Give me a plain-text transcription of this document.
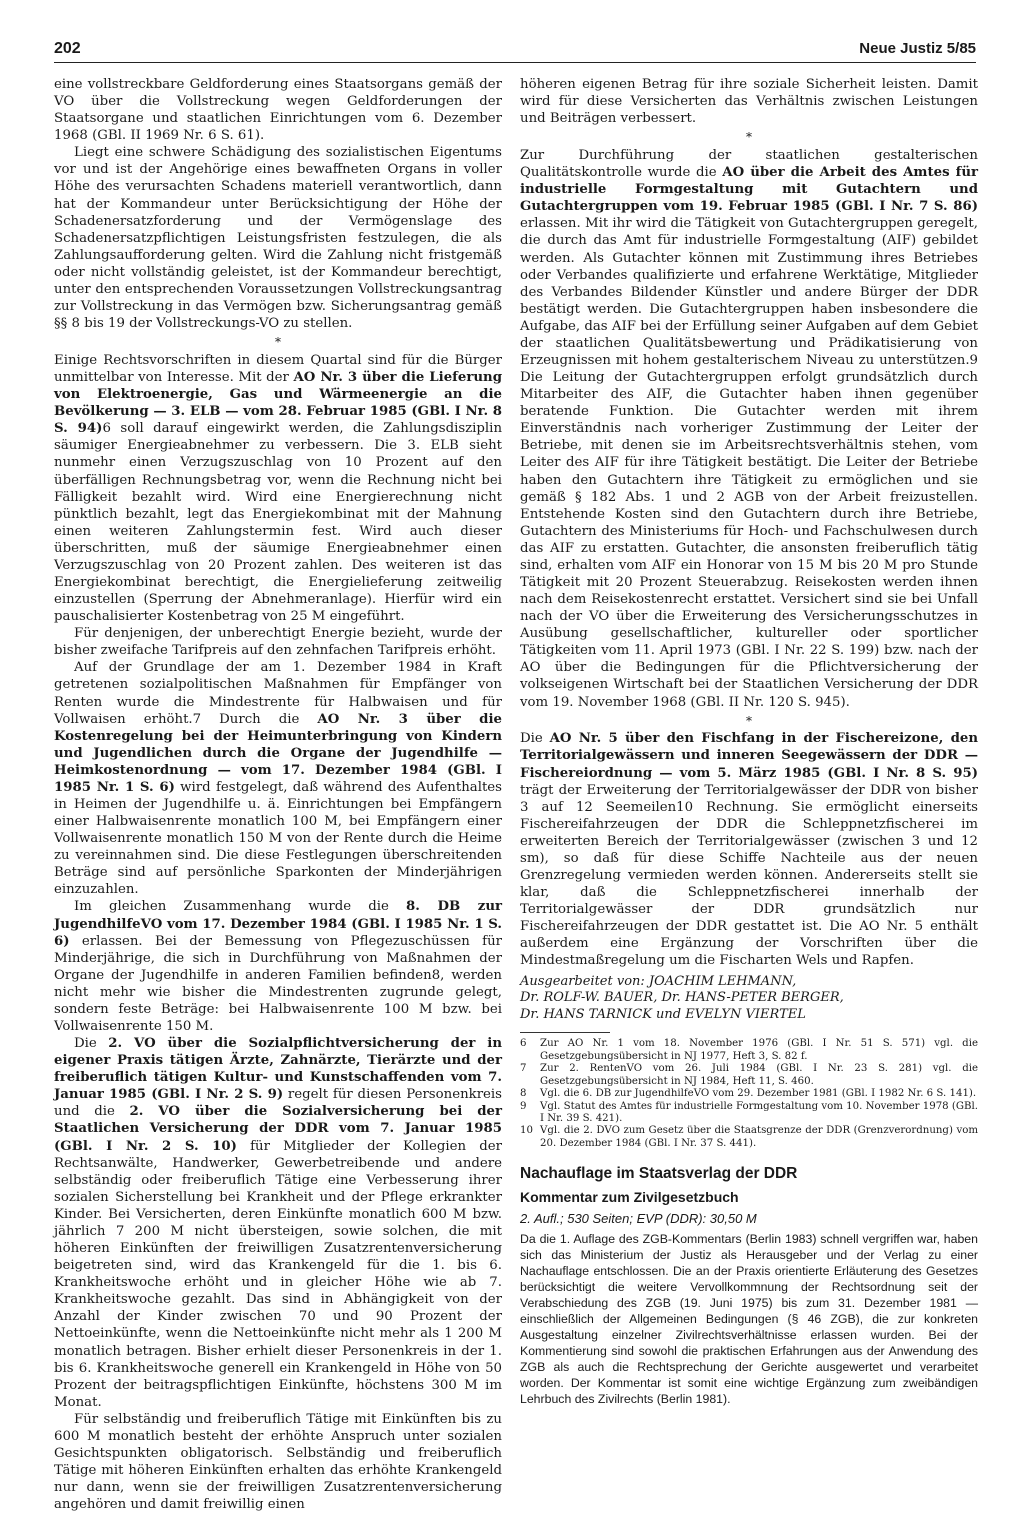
202	Neue Justiz 5/85

eine vollstreckbare Geldforderung eines Staatsorgans gemäß der VO über die Vollstreckung wegen Geldforderungen der Staatsorgane und staatlichen Einrichtungen vom 6. Dezember 1968 (GBl. II 1969 Nr. 6 S. 61).

Liegt eine schwere Schädigung des sozialistischen Eigentums vor und ist der Angehörige eines bewaffneten Organs in voller Höhe des verursachten Schadens materiell verantwortlich, dann hat der Kommandeur unter Berücksichtigung der Höhe der Schadenersatzforderung und der Vermögenslage des Schadenersatzpflichtigen Leistungsfristen festzulegen, die als Zahlungsaufforderung gelten. Wird die Zahlung nicht fristgemäß oder nicht vollständig geleistet, ist der Kommandeur berechtigt, unter den entsprechenden Voraussetzungen Vollstreckungsantrag zur Vollstreckung in das Vermögen bzw. Sicherungsantrag gemäß §§ 8 bis 19 der Vollstreckungs-VO zu stellen.

*

Einige Rechtsvorschriften in diesem Quartal sind für die Bürger unmittelbar von Interesse. Mit der AO Nr. 3 über die Lieferung von Elektroenergie, Gas und Wärmeenergie an die Bevölkerung — 3. ELB — vom 28. Februar 1985 (GBl. I Nr. 8 S. 94)6 soll darauf eingewirkt werden, die Zahlungsdisziplin säumiger Energieabnehmer zu verbessern. Die 3. ELB sieht nunmehr einen Verzugszuschlag von 10 Prozent auf den überfälligen Rechnungsbetrag vor, wenn die Rechnung nicht bei Fälligkeit bezahlt wird. Wird eine Energierechnung nicht pünktlich bezahlt, legt das Energiekombinat mit der Mahnung einen weiteren Zahlungstermin fest. Wird auch dieser überschritten, muß der säumige Energieabnehmer einen Verzugszuschlag von 20 Prozent zahlen. Des weiteren ist das Energiekombinat berechtigt, die Energielieferung zeitweilig einzustellen (Sperrung der Abnehmeranlage). Hierfür wird ein pauschalisierter Kostenbetrag von 25 M eingeführt.

Für denjenigen, der unberechtigt Energie bezieht, wurde der bisher zweifache Tarifpreis auf den zehnfachen Tarifpreis erhöht.

Auf der Grundlage der am 1. Dezember 1984 in Kraft getretenen sozialpolitischen Maßnahmen für Empfänger von Renten wurde die Mindestrente für Halbwaisen und für Vollwaisen erhöht.7 Durch die AO Nr. 3 über die Kostenregelung bei der Heimunterbringung von Kindern und Jugendlichen durch die Organe der Jugendhilfe — Heimkostenordnung — vom 17. Dezember 1984 (GBl. I 1985 Nr. 1 S. 6) wird festgelegt, daß während des Aufenthaltes in Heimen der Jugendhilfe u. ä. Einrichtungen bei Empfängern einer Halbwaisenrente monatlich 100 M, bei Empfängern einer Vollwaisenrente monatlich 150 M von der Rente durch die Heime zu vereinnahmen sind. Die diese Festlegungen überschreitenden Beträge sind auf persönliche Sparkonten der Minderjährigen einzuzahlen.

Im gleichen Zusammenhang wurde die 8. DB zur JugendhilfeVO vom 17. Dezember 1984 (GBl. I 1985 Nr. 1 S. 6) erlassen. Bei der Bemessung von Pflegezuschüssen für Minderjährige, die sich in Durchführung von Maßnahmen der Organe der Jugendhilfe in anderen Familien befinden8, werden nicht mehr wie bisher die Mindestrenten zugrunde gelegt, sondern feste Beträge: bei Halbwaisenrente 100 M bzw. bei Vollwaisenrente 150 M.

Die 2. VO über die Sozialpflichtversicherung der in eigener Praxis tätigen Ärzte, Zahnärzte, Tierärzte und der freiberuflich tätigen Kultur- und Kunstschaffenden vom 7. Januar 1985 (GBl. I Nr. 2 S. 9) regelt für diesen Personenkreis und die 2. VO über die Sozialversicherung bei der Staatlichen Versicherung der DDR vom 7. Januar 1985 (GBl. I Nr. 2 S. 10) für Mitglieder der Kollegien der Rechtsanwälte, Handwerker, Gewerbetreibende und andere selbständig oder freiberuflich Tätige eine Verbesserung ihrer sozialen Sicherstellung bei Krankheit und der Pflege erkrankter Kinder. Bei Versicherten, deren Einkünfte monatlich 600 M bzw. jährlich 7 200 M nicht übersteigen, sowie solchen, die mit höheren Einkünften der freiwilligen Zusatzrentenversicherung beigetreten sind, wird das Krankengeld für die 1. bis 6. Krankheitswoche erhöht und in gleicher Höhe wie ab 7. Krankheitswoche gezahlt. Das sind in Abhängigkeit von der Anzahl der Kinder zwischen 70 und 90 Prozent der Nettoeinkünfte, wenn die Nettoeinkünfte nicht mehr als 1 200 M monatlich betragen. Bisher erhielt dieser Personenkreis in der 1. bis 6. Krankheitswoche generell ein Krankengeld in Höhe von 50 Prozent der beitragspflichtigen Einkünfte, höchstens 300 M im Monat.

Für selbständig und freiberuflich Tätige mit Einkünften bis zu 600 M monatlich besteht der erhöhte Anspruch unter sozialen Gesichtspunkten obligatorisch. Selbständig und freiberuflich Tätige mit höheren Einkünften erhalten das erhöhte Krankengeld nur dann, wenn sie der freiwilligen Zusatzrentenversicherung angehören und damit freiwillig einen

höheren eigenen Betrag für ihre soziale Sicherheit leisten. Damit wird für diese Versicherten das Verhältnis zwischen Leistungen und Beiträgen verbessert.

*

Zur Durchführung der staatlichen gestalterischen Qualitätskontrolle wurde die AO über die Arbeit des Amtes für industrielle Formgestaltung mit Gutachtern und Gutachtergruppen vom 19. Februar 1985 (GBl. I Nr. 7 S. 86) erlassen. Mit ihr wird die Tätigkeit von Gutachtergruppen geregelt, die durch das Amt für industrielle Formgestaltung (AIF) gebildet werden. Als Gutachter können mit Zustimmung ihres Betriebes oder Verbandes qualifizierte und erfahrene Werktätige, Mitglieder des Verbandes Bildender Künstler und andere Bürger der DDR bestätigt werden. Die Gutachtergruppen haben insbesondere die Aufgabe, das AIF bei der Erfüllung seiner Aufgaben auf dem Gebiet der staatlichen Qualitätsbewertung und Prädikatisierung von Erzeugnissen mit hohem gestalterischem Niveau zu unterstützen.9 Die Leitung der Gutachtergruppen erfolgt grundsätzlich durch Mitarbeiter des AIF, die Gutachter haben ihnen gegenüber beratende Funktion. Die Gutachter werden mit ihrem Einverständnis nach vorheriger Zustimmung der Leiter der Betriebe, mit denen sie im Arbeitsrechtsverhältnis stehen, vom Leiter des AIF für ihre Tätigkeit bestätigt. Die Leiter der Betriebe haben den Gutachtern ihre Tätigkeit zu ermöglichen und sie gemäß § 182 Abs. 1 und 2 AGB von der Arbeit freizustellen. Entstehende Kosten sind den Gutachtern durch ihre Betriebe, Gutachtern des Ministeriums für Hoch- und Fachschulwesen durch das AIF zu erstatten. Gutachter, die ansonsten freiberuflich tätig sind, erhalten vom AIF ein Honorar von 15 M bis 20 M pro Stunde Tätigkeit mit 20 Prozent Steuerabzug. Reisekosten werden ihnen nach dem Reisekostenrecht erstattet. Versichert sind sie bei Unfall nach der VO über die Erweiterung des Versicherungsschutzes in Ausübung gesellschaftlicher, kultureller oder sportlicher Tätigkeiten vom 11. April 1973 (GBl. I Nr. 22 S. 199) bzw. nach der AO über die Bedingungen für die Pflichtversicherung der volkseigenen Wirtschaft bei der Staatlichen Versicherung der DDR vom 19. November 1968 (GBl. II Nr. 120 S. 945).

*

Die AO Nr. 5 über den Fischfang in der Fischereizone, den Territorialgewässern und inneren Seegewässern der DDR — Fischereiordnung — vom 5. März 1985 (GBl. I Nr. 8 S. 95) trägt der Erweiterung der Territorialgewässer der DDR von bisher 3 auf 12 Seemeilen10 Rechnung. Sie ermöglicht einerseits Fischereifahrzeugen der DDR die Schleppnetzfischerei im erweiterten Bereich der Territorialgewässer (zwischen 3 und 12 sm), so daß für diese Schiffe Nachteile aus der neuen Grenzregelung vermieden werden können. Andererseits stellt sie klar, daß die Schleppnetzfischerei innerhalb der Territorialgewässer der DDR grundsätzlich nur Fischereifahrzeugen der DDR gestattet ist. Die AO Nr. 5 enthält außerdem eine Ergänzung der Vorschriften über die Mindestmaßregelung um die Fischarten Wels und Rapfen.

Ausgearbeitet von: JOACHIM LEHMANN,
Dr. ROLF-W. BAUER, Dr. HANS-PETER BERGER,
Dr. HANS TARNICK und EVELYN VIERTEL
6	Zur AO Nr. 1 vom 18. November 1976 (GBl. I Nr. 51 S. 571) vgl. die Gesetzgebungsübersicht in NJ 1977, Heft 3, S. 82 f.
7	Zur 2. RentenVO vom 26. Juli 1984 (GBl. I Nr. 23 S. 281) vgl. die Gesetzgebungsübersicht in NJ 1984, Heft 11, S. 460.
8	Vgl. die 6. DB zur JugendhilfeVO vom 29. Dezember 1981 (GBl. I 1982 Nr. 6 S. 141).
9	Vgl. Statut des Amtes für industrielle Formgestaltung vom 10. November 1978 (GBl. I Nr. 39 S. 421).
10 Vgl. die 2. DVO zum Gesetz über die Staatsgrenze der DDR (Grenzverordnung) vom 20. Dezember 1984 (GBl. I Nr. 37 S. 441).
Nachauflage im Staatsverlag der DDR
Kommentar zum Zivilgesetzbuch
2. Aufl.; 530 Seiten; EVP (DDR): 30,50 M

Da die 1. Auflage des ZGB-Kommentars (Berlin 1983) schnell vergriffen war, haben sich das Ministerium der Justiz als Herausgeber und der Verlag zu einer Nachauflage entschlossen. Die an der Praxis orientierte Erläuterung des Gesetzes berücksichtigt die weitere Vervollkommnung der Rechtsordnung seit der Verabschiedung des ZGB (19. Juni 1975) bis zum 31. Dezember 1981 — einschließlich der Allgemeinen Bedingungen (§ 46 ZGB), die zur konkreten Ausgestaltung einzelner Zivilrechtsverhältnisse erlassen wurden. Bei der Kommentierung sind sowohl die praktischen Erfahrungen aus der Anwendung des ZGB als auch die Rechtsprechung der Gerichte ausgewertet und verarbeitet worden. Der Kommentar ist somit eine wichtige Ergänzung zum zweibändigen Lehrbuch des Zivilrechts (Berlin 1981).
